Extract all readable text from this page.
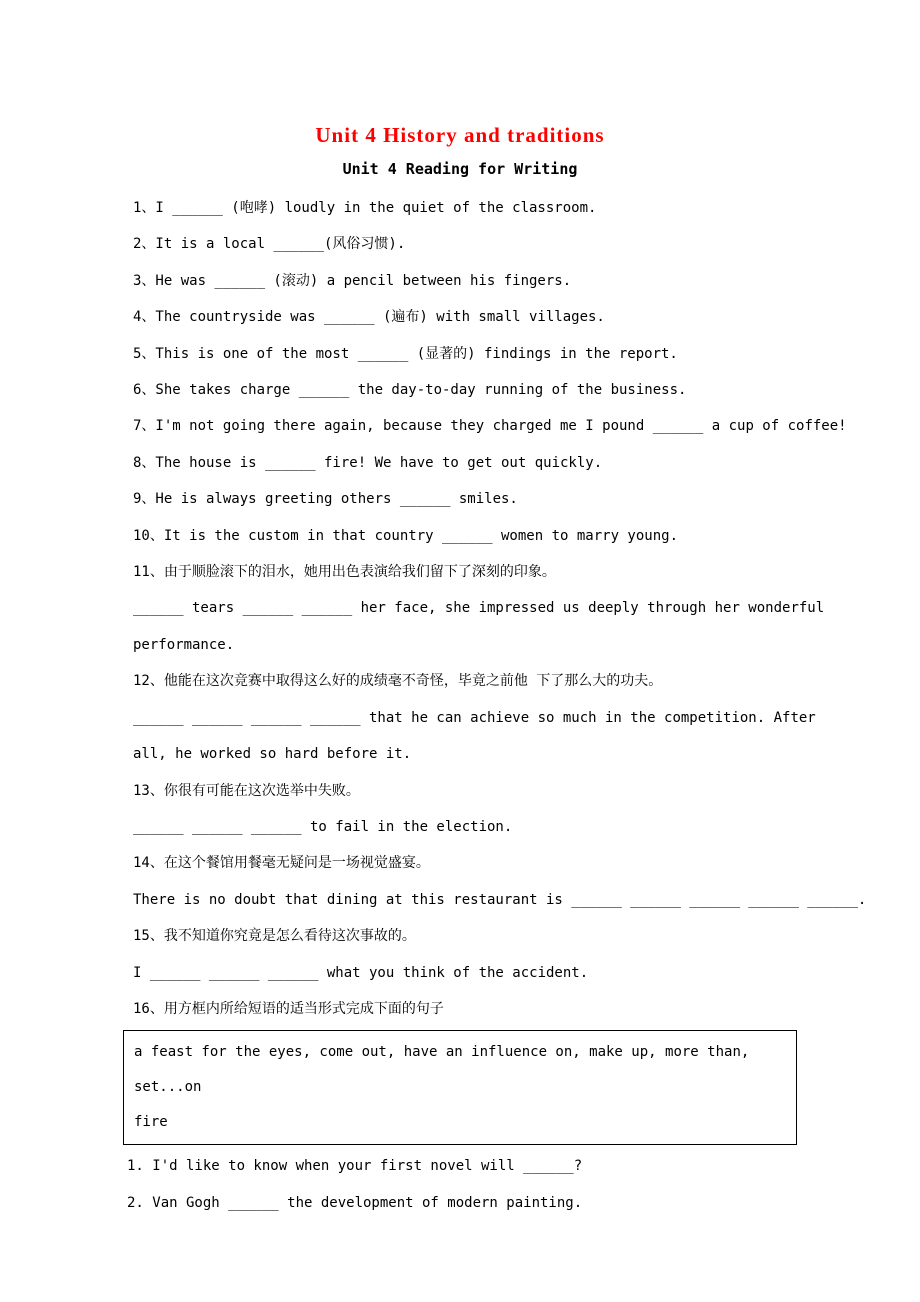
Unit 4 History and traditions
Unit 4 Reading for Writing
1、I ______ (咆哮) loudly in the quiet of the classroom.
2、It is a local ______(风俗习惯).
3、He was ______ (滚动) a pencil between his fingers.
4、The countryside was ______ (遍布) with small villages.
5、This is one of the most ______ (显著的) findings in the report.
6、She takes charge ______ the day-to-day running of the business.
7、I'm not going there again, because they charged me I pound ______ a cup of coffee!
8、The house is ______ fire! We have to get out quickly.
9、He is always greeting others ______ smiles.
10、It is the custom in that country ______ women to marry young.
11、由于顺脸滚下的泪水，她用出色表演给我们留下了深刻的印象。
______ tears ______ ______ her face, she impressed us deeply through her wonderful
performance.
12、他能在这次竞赛中取得这么好的成绩毫不奇怪，毕竟之前他 下了那么大的功夫。
______ ______ ______ ______ that he can achieve so much in the competition. After
all, he worked so hard before it.
13、你很有可能在这次选举中失败。
______ ______ ______ to fail in the election.
14、在这个餐馆用餐毫无疑问是一场视觉盛宴。
There is no doubt that dining at this restaurant is ______ ______ ______ ______ ______.
15、我不知道你究竟是怎么看待这次事故的。
I ______ ______ ______ what you think of the accident.
16、用方框内所给短语的适当形式完成下面的句子
a feast for the eyes, come out, have an influence on, make up, more than, set...on
fire
1. I'd like to know when your first novel will ______?
2. Van Gogh ______ the development of modern painting.
